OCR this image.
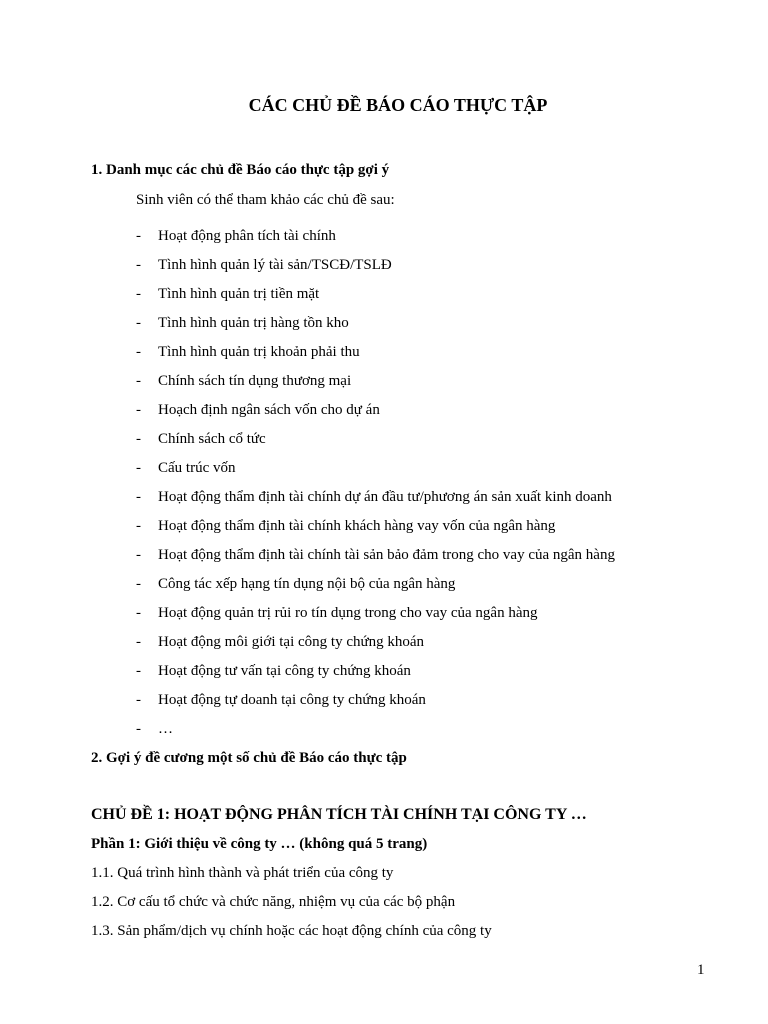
CÁC CHỦ ĐỀ BÁO CÁO THỰC TẬP

1. Danh mục các chủ đề Báo cáo thực tập gợi ý

Sinh viên có thể tham khảo các chủ đề sau:

- Hoạt động phân tích tài chính
- Tình hình quản lý tài sản/TSCĐ/TSLĐ
- Tình hình quản trị tiền mặt
- Tình hình quản trị hàng tồn kho
- Tình hình quản trị khoản phải thu
- Chính sách tín dụng thương mại
- Hoạch định ngân sách vốn cho dự án
- Chính sách cổ tức
- Cấu trúc vốn
- Hoạt động thẩm định tài chính dự án đầu tư/phương án sản xuất kinh doanh
- Hoạt động thẩm định tài chính khách hàng vay vốn của ngân hàng
- Hoạt động thẩm định tài chính tài sản bảo đảm trong cho vay của ngân hàng
- Công tác xếp hạng tín dụng nội bộ của ngân hàng
- Hoạt động quản trị rủi ro tín dụng trong cho vay của ngân hàng
- Hoạt động môi giới tại công ty chứng khoán
- Hoạt động tư vấn tại công ty chứng khoán
- Hoạt động tự doanh tại công ty chứng khoán
- …

2. Gợi ý đề cương một số chủ đề Báo cáo thực tập

CHỦ ĐỀ 1: HOẠT ĐỘNG PHÂN TÍCH TÀI CHÍNH TẠI CÔNG TY …

Phần 1: Giới thiệu về công ty … (không quá 5 trang)

1.1. Quá trình hình thành và phát triển của công ty

1.2. Cơ cấu tổ chức và chức năng, nhiệm vụ của các bộ phận

1.3. Sản phẩm/dịch vụ chính hoặc các hoạt động chính của công ty

1
